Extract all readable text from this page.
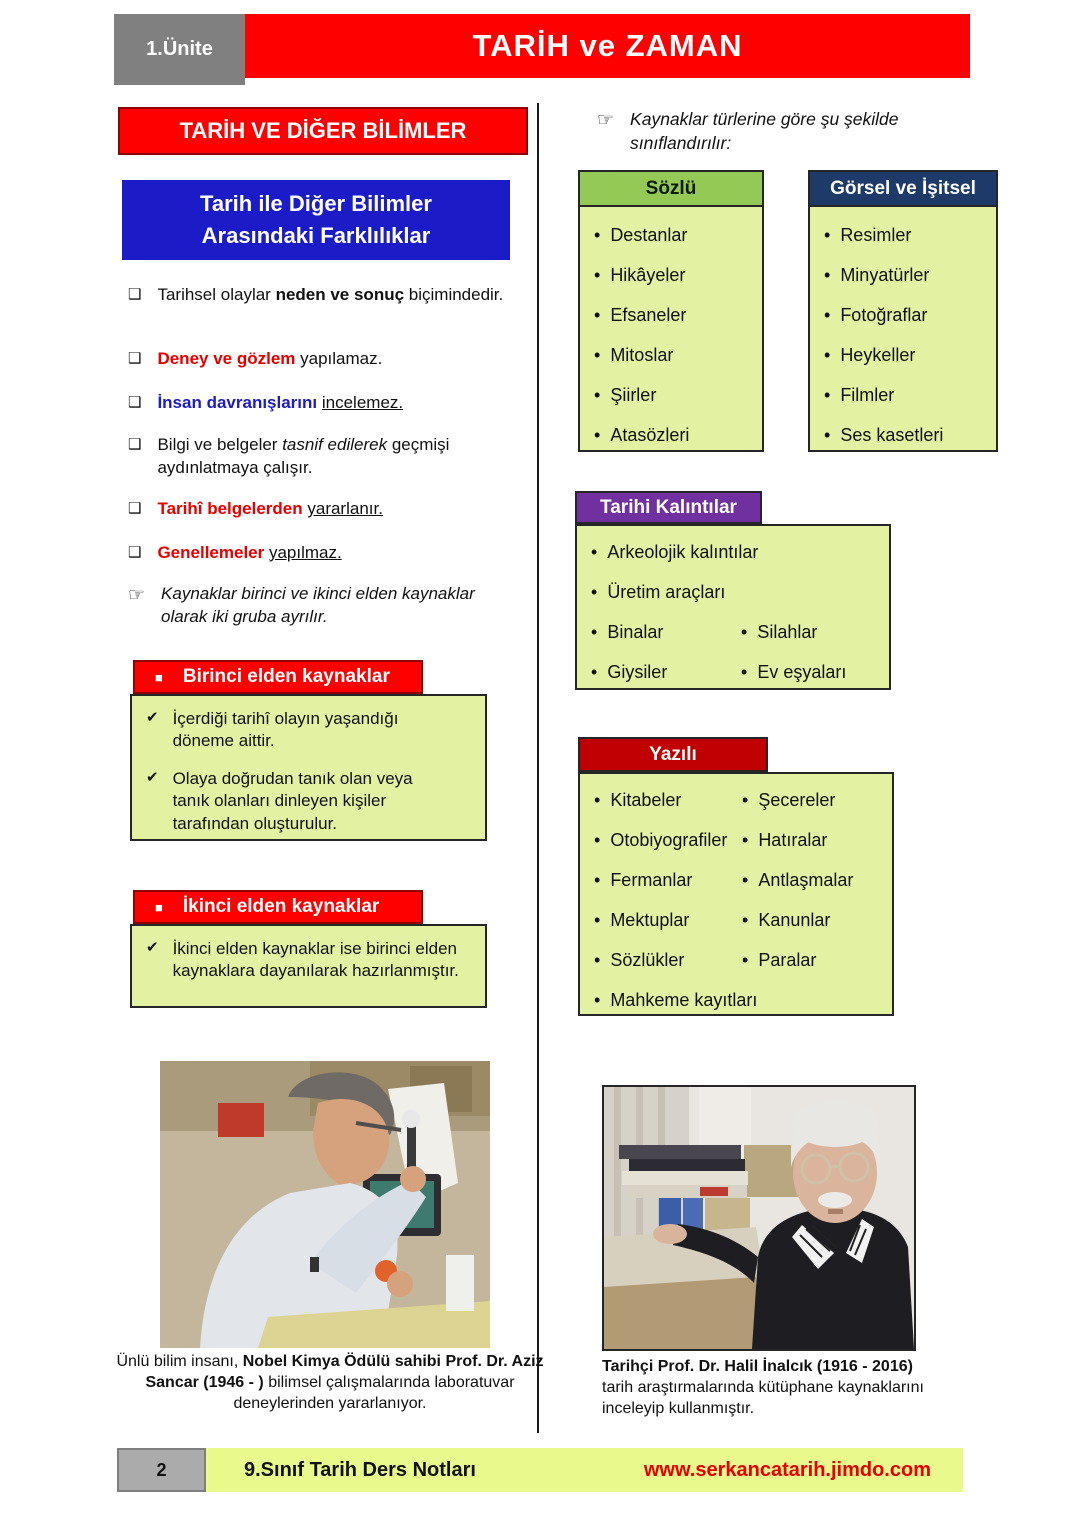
1.Ünite	TARİH ve ZAMAN
TARİH VE DİĞER BİLİMLER
Tarih ile Diğer Bilimler
Arasındaki Farklılıklar
❑ Tarihsel olaylar neden ve sonuç biçimindedir.
❑ Deney ve gözlem yapılamaz.
❑ İnsan davranışlarını incelemez.
❑ Bilgi ve belgeler tasnif edilerek geçmişi aydınlatmaya çalışır.
❑ Tarihî belgelerden yararlanır.
❑ Genellemeler yapılmaz.
☞ Kaynaklar birinci ve ikinci elden kaynaklar olarak iki gruba ayrılır.
■ Birinci elden kaynaklar
✔ İçerdiği tarihî olayın yaşandığı döneme aittir.
✔ Olaya doğrudan tanık olan veya tanık olanları dinleyen kişiler tarafından oluşturulur.
■ İkinci elden kaynaklar
✔ İkinci elden kaynaklar ise birinci elden kaynaklara dayanılarak hazırlanmıştır.
Ünlü bilim insanı, Nobel Kimya Ödülü sahibi Prof. Dr. Aziz Sancar (1946 - ) bilimsel çalışmalarında laboratuvar deneylerinden yararlanıyor.
☞ Kaynaklar türlerine göre şu şekilde sınıflandırılır:
Sözlü
• Destanlar
• Hikâyeler
• Efsaneler
• Mitoslar
• Şiirler
• Atasözleri
Görsel ve İşitsel
• Resimler
• Minyatürler
• Fotoğraflar
• Heykeller
• Filmler
• Ses kasetleri
Tarihi Kalıntılar
• Arkeolojik kalıntılar
• Üretim araçları
• Binalar	• Silahlar
• Giysiler	• Ev eşyaları
Yazılı
• Kitabeler	• Şecereler
• Otobiyografiler • Hatıralar
• Fermanlar	• Antlaşmalar
• Mektuplar	• Kanunlar
• Sözlükler	• Paralar
• Mahkeme kayıtları
Tarihçi Prof. Dr. Halil İnalcık (1916 - 2016) tarih araştırmalarında kütüphane kaynaklarını inceleyip kullanmıştır.
2	9.Sınıf Tarih Ders Notları	www.serkancatarih.jimdo.com
